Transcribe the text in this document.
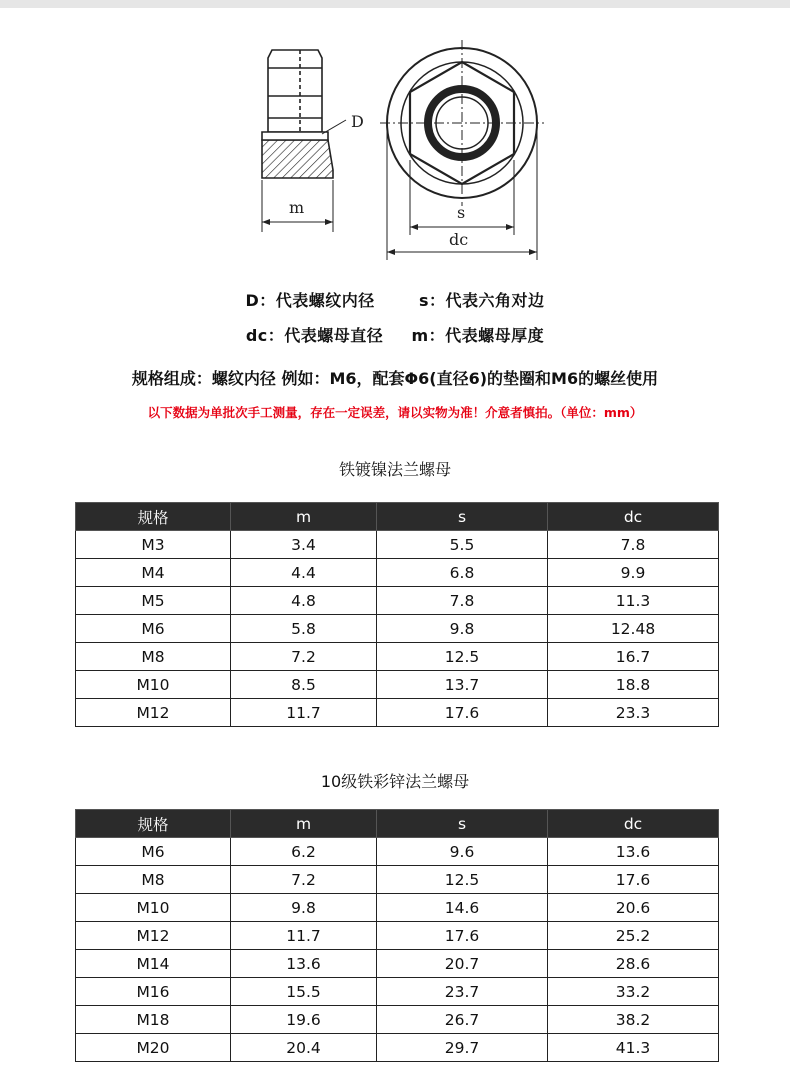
D
m	s
dc
D：代表螺纹内径	s：代表六角对边
dc：代表螺母直径 m：代表螺母厚度
规格组成：螺纹内径 例如：M6，配套Φ6(直径6)的垫圈和M6的螺丝使用
以下数据为单批次手工测量，存在一定误差，请以实物为准！介意者慎拍。（单位：mm）
铁镀镍法兰螺母
规格	m	s	dc
M3	3.4	5.5	7.8
M4	4.4	6.8	9.9
M5	4.8	7.8	11.3
M6	5.8	9.8	12.48
M8	7.2	12.5	16.7
M10	8.5	13.7	18.8
M12	11.7	17.6	23.3
10级铁彩锌法兰螺母
规格	m	s	dc
M6	6.2	9.6	13.6
M8	7.2	12.5	17.6
M10	9.8	14.6	20.6
M12	11.7	17.6	25.2
M14	13.6	20.7	28.6
M16	15.5	23.7	33.2
M18	19.6	26.7	38.2
M20	20.4	29.7	41.3
